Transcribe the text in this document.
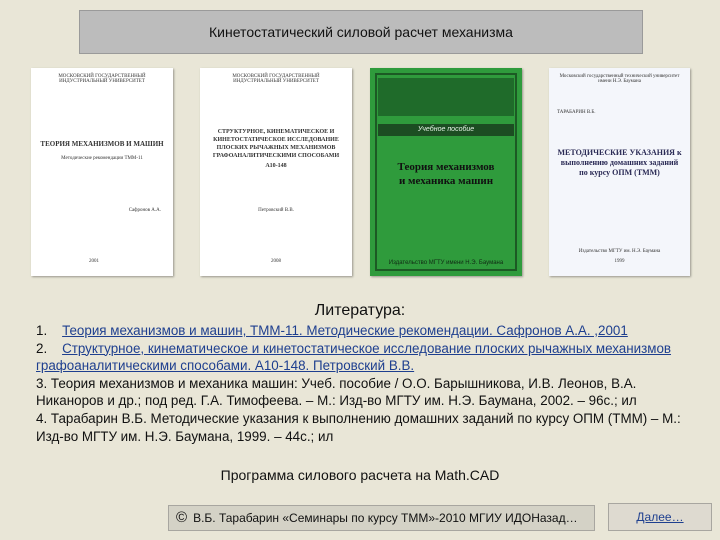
Кинетостатический силовой расчет механизма
МОСКОВСКИЙ ГОСУДАРСТВЕННЫЙ ИНДУСТРИАЛЬНЫЙ УНИВЕРСИТЕТ
ТЕОРИЯ МЕХАНИЗМОВ И МАШИН
Методические рекомендации ТММ-11
Сафронов А.А.
2001
МОСКОВСКИЙ ГОСУДАРСТВЕННЫЙ ИНДУСТРИАЛЬНЫЙ УНИВЕРСИТЕТ
СТРУКТУРНОЕ, КИНЕМАТИЧЕСКОЕ И КИНЕТОСТАТИЧЕСКОЕ ИССЛЕДОВАНИЕ ПЛОСКИХ РЫЧАЖНЫХ МЕХАНИЗМОВ ГРАФОАНАЛИТИЧЕСКИМИ СПОСОБАМИ
А10-148
Петровский В.В.
2008
Учебное пособие
Теория механизмов
и механика машин
Издательство МГТУ имени Н.Э. Баумана
Московский государственный технический университет имени Н.Э. Баумана
ТАРАБАРИН В.Б.
МЕТОДИЧЕСКИЕ УКАЗАНИЯ к выполнению домашних заданий по курсу ОПМ (ТММ)
Издательство МГТУ им. Н.Э. Баумана
1999
Литература:

1. Теория механизмов и машин, ТММ-11. Методические рекомендации. Сафронов А.А. ,2001

2. Структурное, кинематическое и кинетостатическое исследование плоских рычажных механизмов графоаналитическими способами. А10-148. Петровский В.В.

3. Теория механизмов и механика машин: Учеб. пособие / О.О. Барышникова, И.В. Леонов, В.А. Никаноров и др.; под ред. Г.А. Тимофеева. – М.: Изд-во МГТУ им. Н.Э. Баумана, 2002. – 96с.; ил

4. Тарабарин В.Б. Методические указания к выполнению домашних заданий по курсу ОПМ (ТММ) – М.: Изд-во МГТУ им. Н.Э. Баумана, 1999. – 44с.; ил

Программа силового расчета на Math.CAD
© В.Б. Тарабарин «Семинары по курсу ТММ»-2010 МГИУ ИДОНазад…	Далее…
